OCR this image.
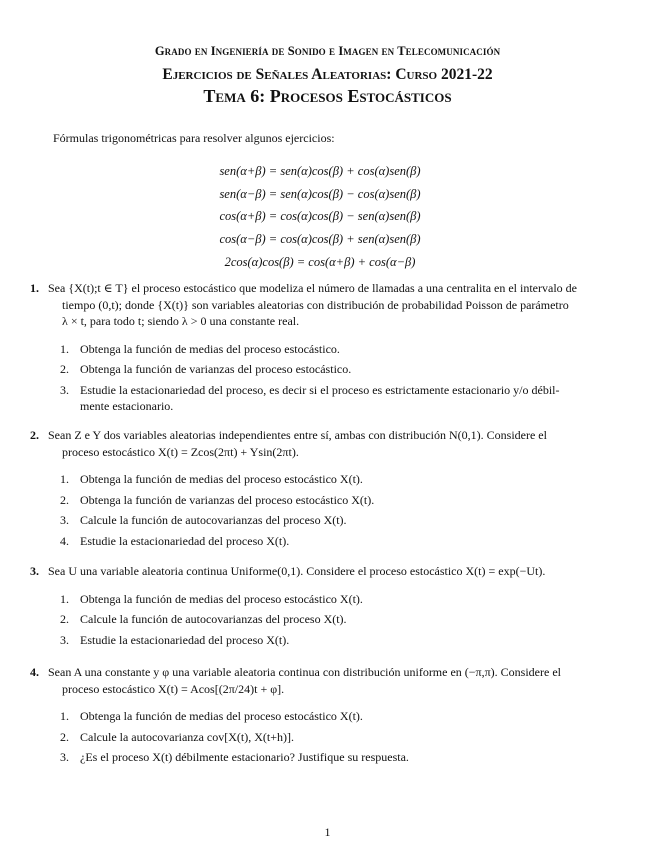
Grado en Ingeniería de Sonido e Imagen en Telecomunicación
Ejercicios de Señales Aleatorias: Curso 2021-22
Tema 6: Procesos Estocásticos
Fórmulas trigonométricas para resolver algunos ejercicios:
sen(α+β) = sen(α)cos(β) + cos(α)sen(β)
sen(α−β) = sen(α)cos(β) − cos(α)sen(β)
cos(α+β) = cos(α)cos(β) − sen(α)sen(β)
cos(α−β) = cos(α)cos(β) + sen(α)sen(β)
2cos(α)cos(β) = cos(α+β) + cos(α−β)
1. Sea {X(t);t ∈ T} el proceso estocástico que modeliza el número de llamadas a una centralita en el intervalo de
tiempo (0,t); donde {X(t)} son variables aleatorias con distribución de probabilidad Poisson de parámetro
λ × t, para todo t; siendo λ > 0 una constante real.
1. Obtenga la función de medias del proceso estocástico.
2. Obtenga la función de varianzas del proceso estocástico.
3. Estudie la estacionariedad del proceso, es decir si el proceso es estrictamente estacionario y/o débil-
mente estacionario.
2. Sean Z e Y dos variables aleatorias independientes entre sí, ambas con distribución N(0,1). Considere el
proceso estocástico X(t) = Zcos(2πt) + Ysin(2πt).
1. Obtenga la función de medias del proceso estocástico X(t).
2. Obtenga la función de varianzas del proceso estocástico X(t).
3. Calcule la función de autocovarianzas del proceso X(t).
4. Estudie la estacionariedad del proceso X(t).
3. Sea U una variable aleatoria continua Uniforme(0,1). Considere el proceso estocástico X(t) = exp(−Ut).
1. Obtenga la función de medias del proceso estocástico X(t).
2. Calcule la función de autocovarianzas del proceso X(t).
3. Estudie la estacionariedad del proceso X(t).
4. Sean A una constante y φ una variable aleatoria continua con distribución uniforme en (−π,π). Considere el
proceso estocástico X(t) = Acos[(2π/24)t + φ].
1. Obtenga la función de medias del proceso estocástico X(t).
2. Calcule la autocovarianza cov[X(t), X(t+h)].
3. ¿Es el proceso X(t) débilmente estacionario? Justifique su respuesta.
1
